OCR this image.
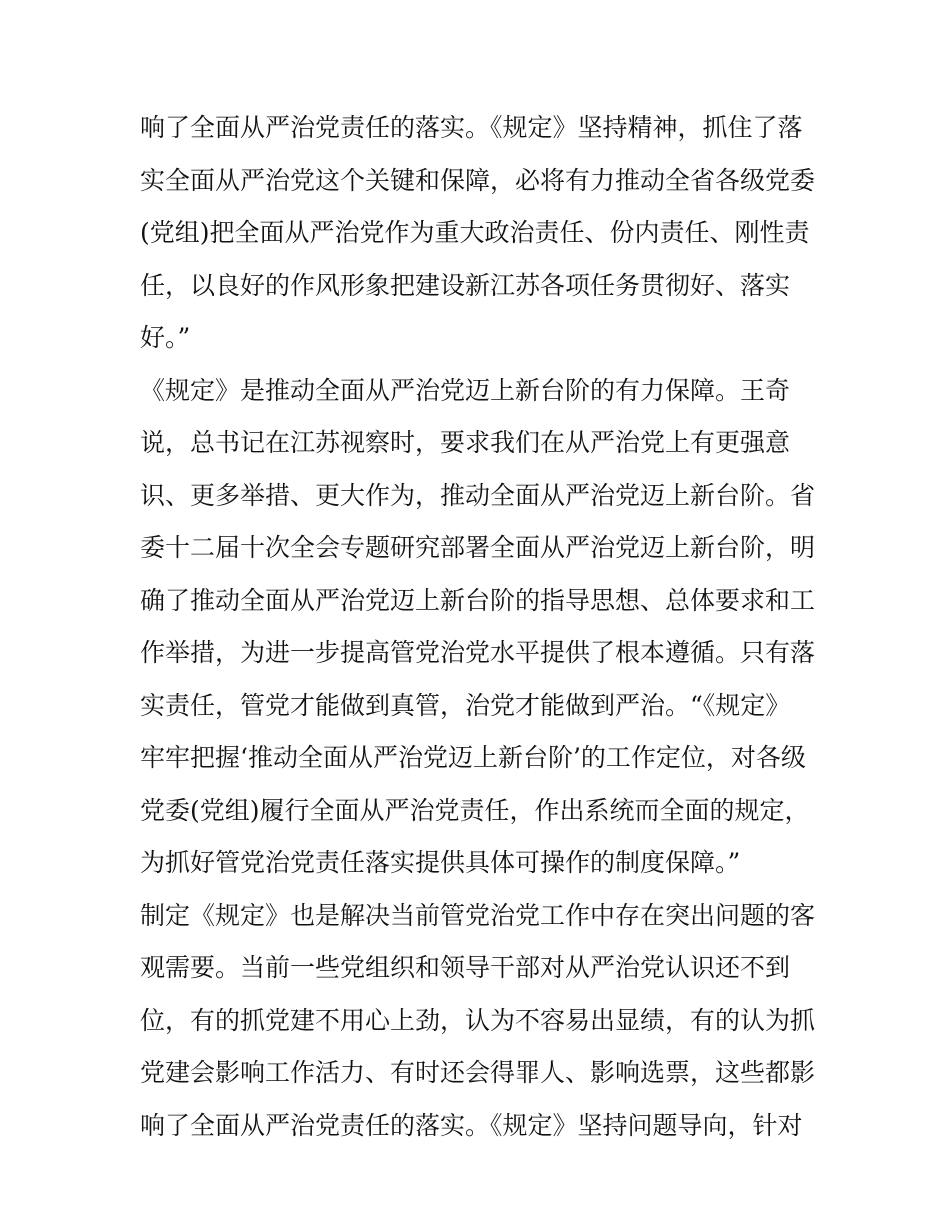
响了全面从严治党责任的落实。《规定》坚持精神，抓住了落
实全面从严治党这个关键和保障，必将有力推动全省各级党委
(党组)把全面从严治党作为重大政治责任、份内责任、刚性责
任，以良好的作风形象把建设新江苏各项任务贯彻好、落实
好。”
《规定》是推动全面从严治党迈上新台阶的有力保障。王奇
说，总书记在江苏视察时，要求我们在从严治党上有更强意
识、更多举措、更大作为，推动全面从严治党迈上新台阶。省
委十二届十次全会专题研究部署全面从严治党迈上新台阶，明
确了推动全面从严治党迈上新台阶的指导思想、总体要求和工
作举措，为进一步提高管党治党水平提供了根本遵循。只有落
实责任，管党才能做到真管，治党才能做到严治。“《规定》
牢牢把握‘推动全面从严治党迈上新台阶’的工作定位，对各级
党委(党组)履行全面从严治党责任，作出系统而全面的规定，
为抓好管党治党责任落实提供具体可操作的制度保障。”
制定《规定》也是解决当前管党治党工作中存在突出问题的客
观需要。当前一些党组织和领导干部对从严治党认识还不到
位，有的抓党建不用心上劲，认为不容易出显绩，有的认为抓
党建会影响工作活力、有时还会得罪人、影响选票，这些都影
响了全面从严治党责任的落实。《规定》坚持问题导向，针对
